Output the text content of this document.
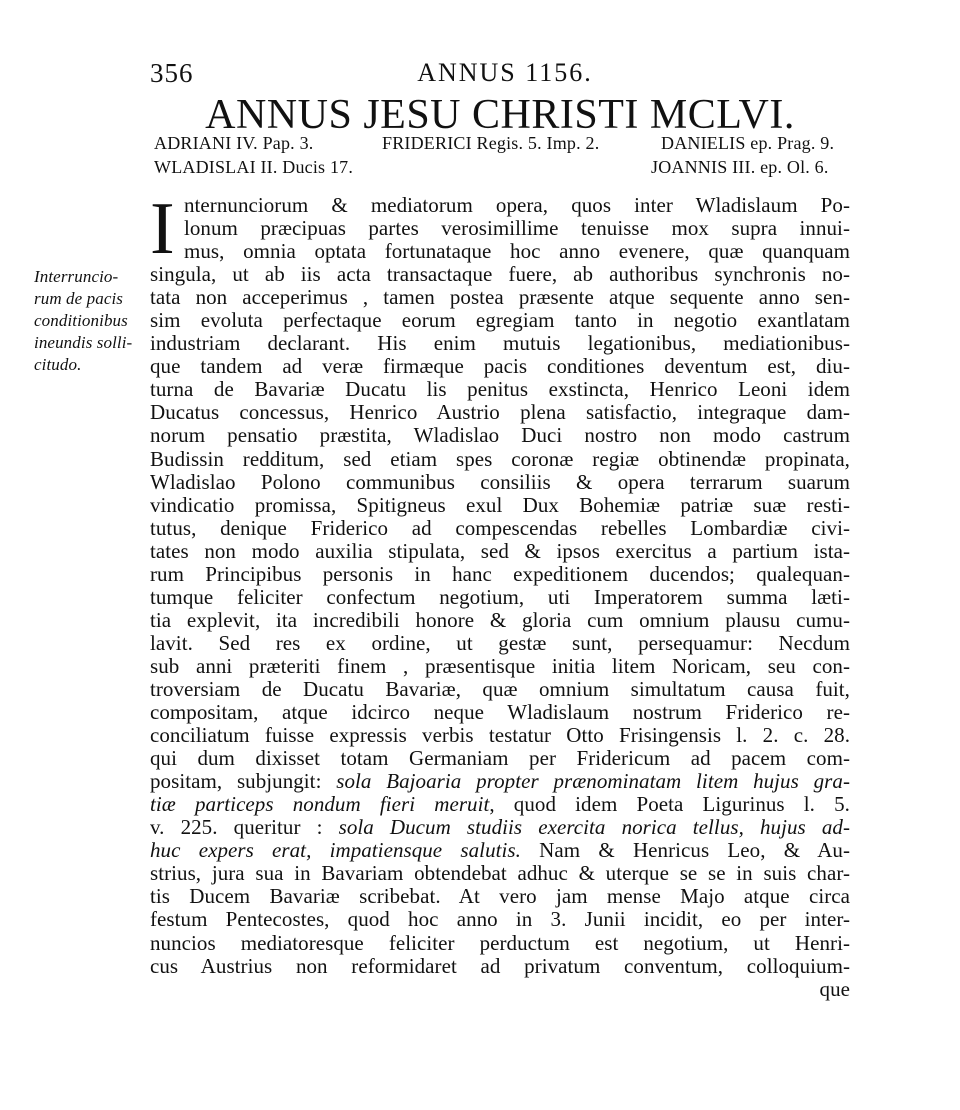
356	ANNUS 1156.
ANNUS JESU CHRISTI MCLVI.
ADRIANI IV. Pap. 3.	FRIDERICI Regis. 5. Imp. 2.	DANIELIS ep. Prag. 9.
WLADISLAI II. Ducis 17.	JOANNIS III. ep. Ol. 6.
Interruncio-
rum de pacis
conditionibus
ineundis solli-
citudo.
I nternunciorum & mediatorum opera, quos inter Wladislaum Po-
lonum præcipuas partes verosimillime tenuisse mox supra innui-
mus, omnia optata fortunataque hoc anno evenere, quæ quanquam
singula, ut ab iis acta transactaque fuere, ab authoribus synchronis no-
tata non acceperimus , tamen postea præsente atque sequente anno sen-
sim evoluta perfectaque eorum egregiam tanto in negotio exantlatam
industriam declarant. His enim mutuis legationibus, mediationibus-
que tandem ad veræ firmæque pacis conditiones deventum est, diu-
turna de Bavariæ Ducatu lis penitus exstincta, Henrico Leoni idem
Ducatus concessus, Henrico Austrio plena satisfactio, integraque dam-
norum pensatio præstita, Wladislao Duci nostro non modo castrum
Budissin redditum, sed etiam spes coronæ regiæ obtinendæ propinata,
Wladislao Polono communibus consiliis & opera terrarum suarum
vindicatio promissa, Spitigneus exul Dux Bohemiæ patriæ suæ resti-
tutus, denique Friderico ad compescendas rebelles Lombardiæ civi-
tates non modo auxilia stipulata, sed & ipsos exercitus a partium ista-
rum Principibus personis in hanc expeditionem ducendos; qualequan-
tumque feliciter confectum negotium, uti Imperatorem summa læti-
tia explevit, ita incredibili honore & gloria cum omnium plausu cumu-
lavit. Sed res ex ordine, ut gestæ sunt, persequamur: Necdum
sub anni præteriti finem , præsentisque initia litem Noricam, seu con-
troversiam de Ducatu Bavariæ, quæ omnium simultatum causa fuit,
compositam, atque idcirco neque Wladislaum nostrum Friderico re-
conciliatum fuisse expressis verbis testatur Otto Frisingensis l. 2. c. 28.
qui dum dixisset totam Germaniam per Fridericum ad pacem com-
positam, subjungit: sola Bajoaria propter prænominatam litem hujus gra-
tiæ particeps nondum fieri meruit, quod idem Poeta Ligurinus l. 5.
v. 225. queritur : sola Ducum studiis exercita norica tellus, hujus ad-
huc expers erat, impatiensque salutis. Nam & Henricus Leo, & Au-
strius, jura sua in Bavariam obtendebat adhuc & uterque se se in suis char-
tis Ducem Bavariæ scribebat. At vero jam mense Majo atque circa
festum Pentecostes, quod hoc anno in 3. Junii incidit, eo per inter-
nuncios mediatoresque feliciter perductum est negotium, ut Henri-
cus Austrius non reformidaret ad privatum conventum, colloquium-
que
